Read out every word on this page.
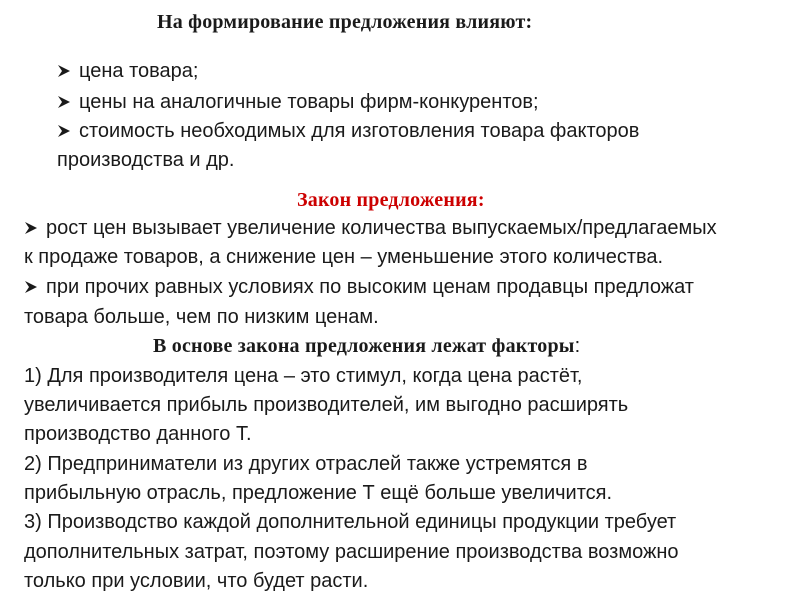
На формирование предложения влияют:
цена товара;
цены на аналогичные товары фирм-конкурентов;
стоимость необходимых для изготовления товара факторов
производства и др.
Закон предложения:
рост цен вызывает увеличение количества выпускаемых/предлагаемых
к продаже товаров, а снижение цен – уменьшение этого количества.
при прочих равных условиях по высоким ценам продавцы предложат
товара больше, чем по низким ценам.
В основе закона предложения лежат факторы:
1) Для производителя цена – это стимул, когда цена растёт,
увеличивается прибыль производителей, им выгодно расширять
производство данного Т.
2) Предприниматели из других отраслей также устремятся в
прибыльную отрасль, предложение Т ещё больше увеличится.
3) Производство каждой дополнительной единицы продукции требует
дополнительных затрат, поэтому расширение производства возможно
только при условии, что будет расти.
